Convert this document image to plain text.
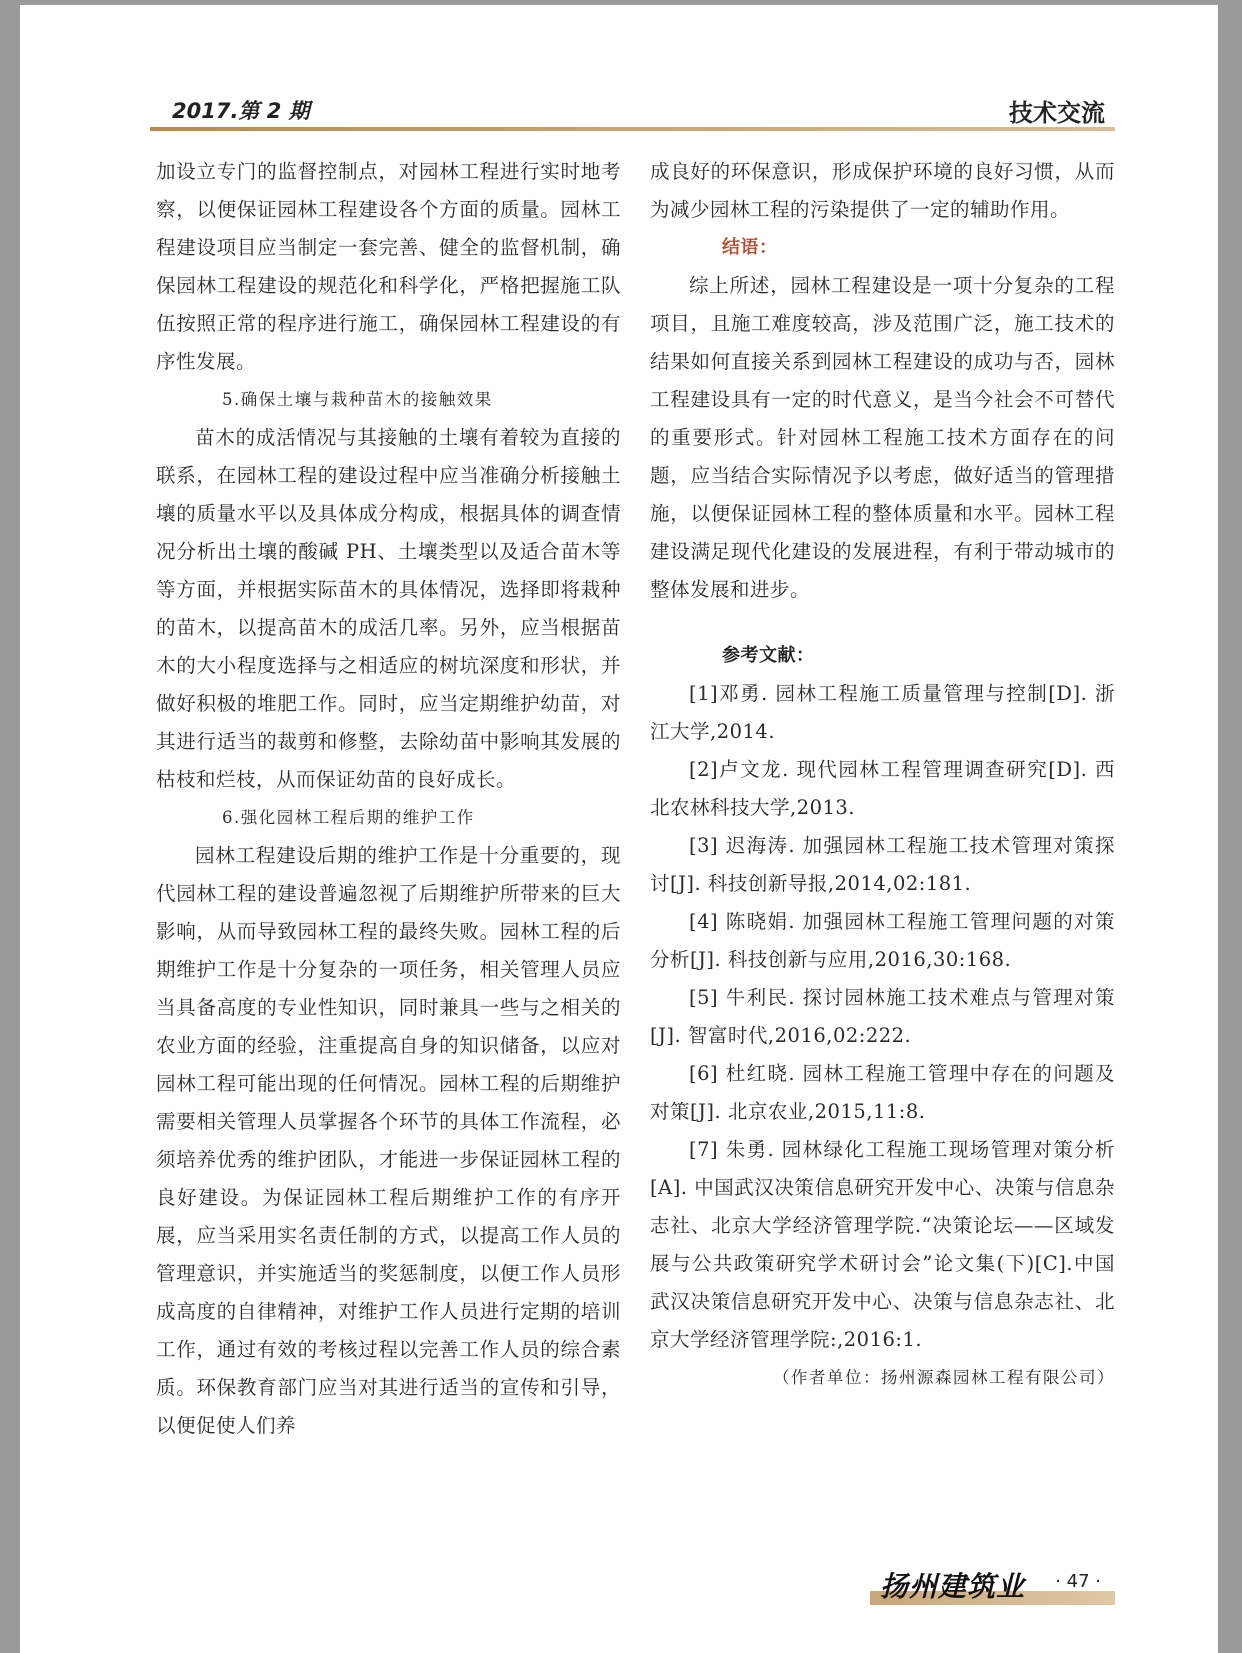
2017.第 2 期	技术交流

加设立专门的监督控制点，对园林工程进行实时地考察，以便保证园林工程建设各个方面的质量。园林工程建设项目应当制定一套完善、健全的监督机制，确保园林工程建设的规范化和科学化，严格把握施工队伍按照正常的程序进行施工，确保园林工程建设的有序性发展。

5.确保土壤与栽种苗木的接触效果

苗木的成活情况与其接触的土壤有着较为直接的联系，在园林工程的建设过程中应当准确分析接触土壤的质量水平以及具体成分构成，根据具体的调查情况分析出土壤的酸碱 PH、土壤类型以及适合苗木等等方面，并根据实际苗木的具体情况，选择即将栽种的苗木，以提高苗木的成活几率。另外，应当根据苗木的大小程度选择与之相适应的树坑深度和形状，并做好积极的堆肥工作。同时，应当定期维护幼苗，对其进行适当的裁剪和修整，去除幼苗中影响其发展的枯枝和烂枝，从而保证幼苗的良好成长。

6.强化园林工程后期的维护工作

园林工程建设后期的维护工作是十分重要的，现代园林工程的建设普遍忽视了后期维护所带来的巨大影响，从而导致园林工程的最终失败。园林工程的后期维护工作是十分复杂的一项任务，相关管理人员应当具备高度的专业性知识，同时兼具一些与之相关的农业方面的经验，注重提高自身的知识储备，以应对园林工程可能出现的任何情况。园林工程的后期维护需要相关管理人员掌握各个环节的具体工作流程，必须培养优秀的维护团队，才能进一步保证园林工程的良好建设。为保证园林工程后期维护工作的有序开展，应当采用实名责任制的方式，以提高工作人员的管理意识，并实施适当的奖惩制度，以便工作人员形成高度的自律精神，对维护工作人员进行定期的培训工作，通过有效的考核过程以完善工作人员的综合素质。环保教育部门应当对其进行适当的宣传和引导，以便促使人们养

成良好的环保意识，形成保护环境的良好习惯，从而为减少园林工程的污染提供了一定的辅助作用。

结语：

综上所述，园林工程建设是一项十分复杂的工程项目，且施工难度较高，涉及范围广泛，施工技术的结果如何直接关系到园林工程建设的成功与否，园林工程建设具有一定的时代意义，是当今社会不可替代的重要形式。针对园林工程施工技术方面存在的问题，应当结合实际情况予以考虑，做好适当的管理措施，以便保证园林工程的整体质量和水平。园林工程建设满足现代化建设的发展进程，有利于带动城市的整体发展和进步。

参考文献：

[1]邓勇. 园林工程施工质量管理与控制[D]. 浙江大学,2014.

[2]卢文龙. 现代园林工程管理调查研究[D]. 西北农林科技大学,2013.

[3] 迟海涛. 加强园林工程施工技术管理对策探讨[J]. 科技创新导报,2014,02:181.

[4] 陈晓娟. 加强园林工程施工管理问题的对策分析[J]. 科技创新与应用,2016,30:168.

[5] 牛利民. 探讨园林施工技术难点与管理对策[J]. 智富时代,2016,02:222.

[6] 杜红晓. 园林工程施工管理中存在的问题及对策[J]. 北京农业,2015,11:8.

[7] 朱勇. 园林绿化工程施工现场管理对策分析[A]. 中国武汉决策信息研究开发中心、决策与信息杂志社、北京大学经济管理学院.“决策论坛——区域发展与公共政策研究学术研讨会”论文集(下)[C].中国武汉决策信息研究开发中心、决策与信息杂志社、北京大学经济管理学院:,2016:1.

（作者单位：扬州源森园林工程有限公司）

扬州建筑业 · 47 ·
